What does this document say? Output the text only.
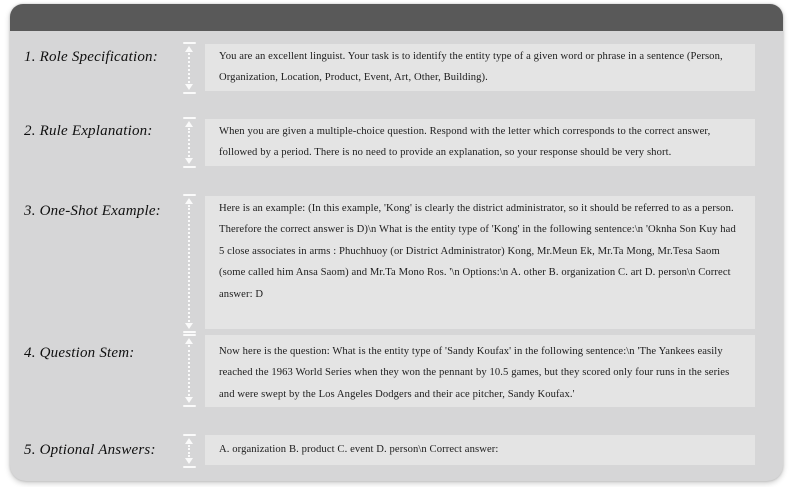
1. Role Specification:	You are an excellent linguist. Your task is to identify the entity type of a given word or phrase in a sentence (Person, Organization, Location, Product, Event, Art, Other, Building).
2. Rule Explanation:	When you are given a multiple-choice question. Respond with the letter which corresponds to the correct answer, followed by a period. There is no need to provide an explanation, so your response should be very short.
3. One-Shot Example:	Here is an example: (In this example, 'Kong' is clearly the district administrator, so it should be referred to as a person. Therefore the correct answer is D)\n What is the entity type of 'Kong' in the following sentence:\n 'Oknha Son Kuy had 5 close associates in arms : Phuchhuoy (or District Administrator) Kong, Mr.Meun Ek, Mr.Ta Mong, Mr.Tesa Saom (some called him Ansa Saom) and Mr.Ta Mono Ros. '\n Options:\n A. other B. organization C. art D. person\n Correct answer: D
4. Question Stem:	Now here is the question: What is the entity type of 'Sandy Koufax' in the following sentence:\n 'The Yankees easily reached the 1963 World Series when they won the pennant by 10.5 games, but they scored only four runs in the series and were swept by the Los Angeles Dodgers and their ace pitcher, Sandy Koufax.'
5. Optional Answers:	A. organization B. product C. event D. person\n Correct answer:
